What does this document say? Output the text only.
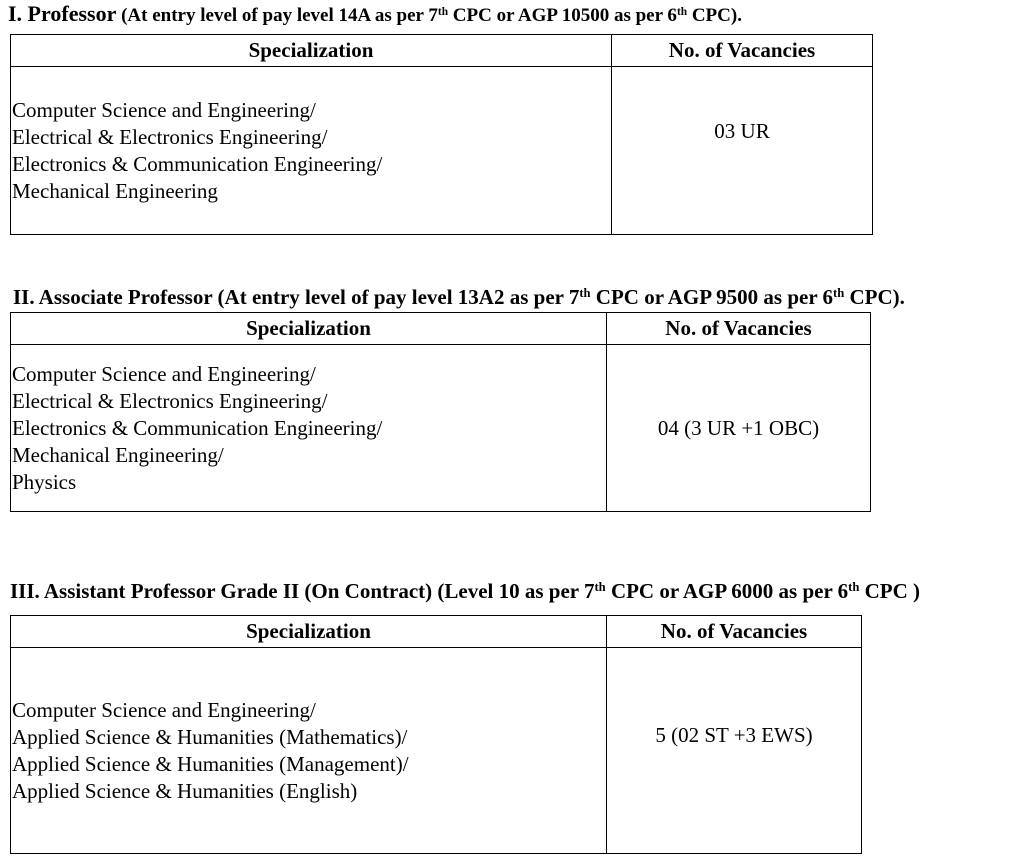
I. Professor (At entry level of pay level 14A as per 7th CPC or AGP 10500 as per 6th CPC).
Specialization	No. of Vacancies

Computer Science and Engineering/
Electrical & Electronics Engineering/
Electronics & Communication Engineering/
Mechanical Engineering	03 UR
II. Associate Professor (At entry level of pay level 13A2 as per 7th CPC or AGP 9500 as per 6th CPC).
Specialization	No. of Vacancies

Computer Science and Engineering/
Electrical & Electronics Engineering/
Electronics & Communication Engineering/
Mechanical Engineering/
Physics	04 (3 UR +1 OBC)
III. Assistant Professor Grade II (On Contract) (Level 10 as per 7th CPC or AGP 6000 as per 6th CPC )
Specialization	No. of Vacancies

Computer Science and Engineering/
Applied Science & Humanities (Mathematics)/
Applied Science & Humanities (Management)/
Applied Science & Humanities (English)	5 (02 ST +3 EWS)
